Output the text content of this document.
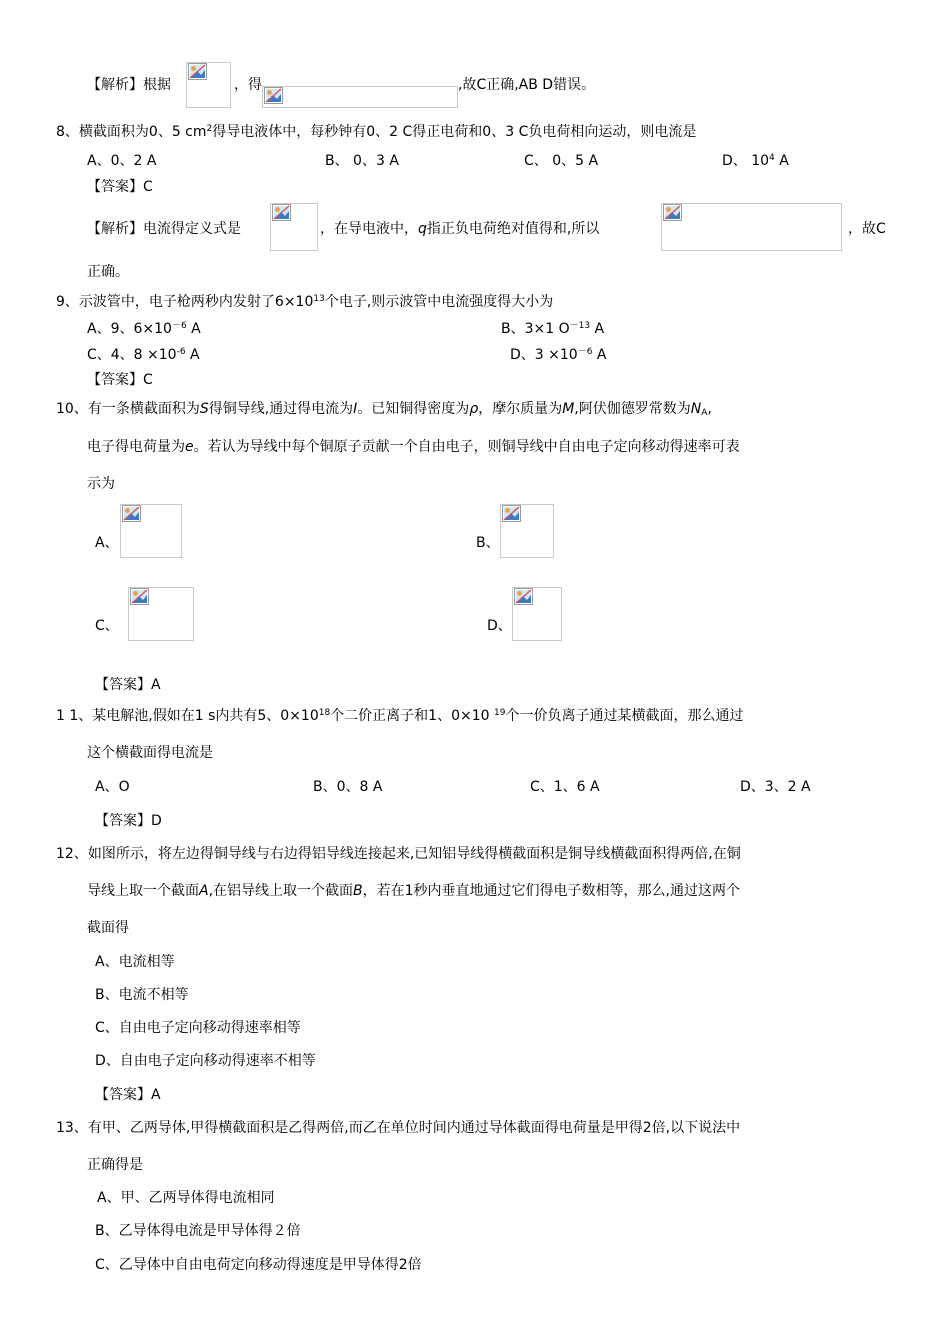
【解析】根据	，得	,故C正确,AB D错误。
8、横截面积为0、5 $cm^2$得导电液体中，每秒钟有0、2 C得正电荷和0、3 C负电荷相向运动，则电流是
A、0、2 A	B、 0、3 A	C、 0、5 A	D、 $10^4$ A
【答案】C
【解析】电流得定义式是	，在导电液中，q指正负电荷绝对值得和,所以	，故C
正确。
9、示波管中，电子枪两秒内发射了$6\times 10^{13}$个电子,则示波管中电流强度得大小为
A、9、$6\times 10^{-6}$ A	B、3×1 $O^{-13}$ A
C、4、$8 \times 10^{-6}$ A	D、$3 \times 10^{-6}$ A
【答案】C
10、有一条横截面积为S得铜导线,通过得电流为I。已知铜得密度为ρ，摩尔质量为M,阿伏伽德罗常数为$N_A$,
电子得电荷量为e。若认为导线中每个铜原子贡献一个自由电子，则铜导线中自由电子定向移动得速率可表
示为
A、	B、
C、	D、
【答案】A
1 1、某电解池,假如在1 s内共有5、$0\times 10^{18}$个二价正离子和1、0×10 $^{19}$个一价负离子通过某横截面，那么通过
这个横截面得电流是
A、O	B、0、8 A	C、1、6 A	D、3、2 A
【答案】D
12、如图所示，将左边得铜导线与右边得铝导线连接起来,已知铝导线得横截面积是铜导线横截面积得两倍,在铜
导线上取一个截面A,在铝导线上取一个截面B，若在1秒内垂直地通过它们得电子数相等，那么,通过这两个
截面得
A、电流相等
B、电流不相等
C、自由电子定向移动得速率相等
D、自由电子定向移动得速率不相等
【答案】A
13、有甲、乙两导体,甲得横截面积是乙得两倍,而乙在单位时间内通过导体截面得电荷量是甲得2倍,以下说法中
正确得是
A、甲、乙两导体得电流相同
B、乙导体得电流是甲导体得２倍
C、乙导体中自由电荷定向移动得速度是甲导体得2倍
